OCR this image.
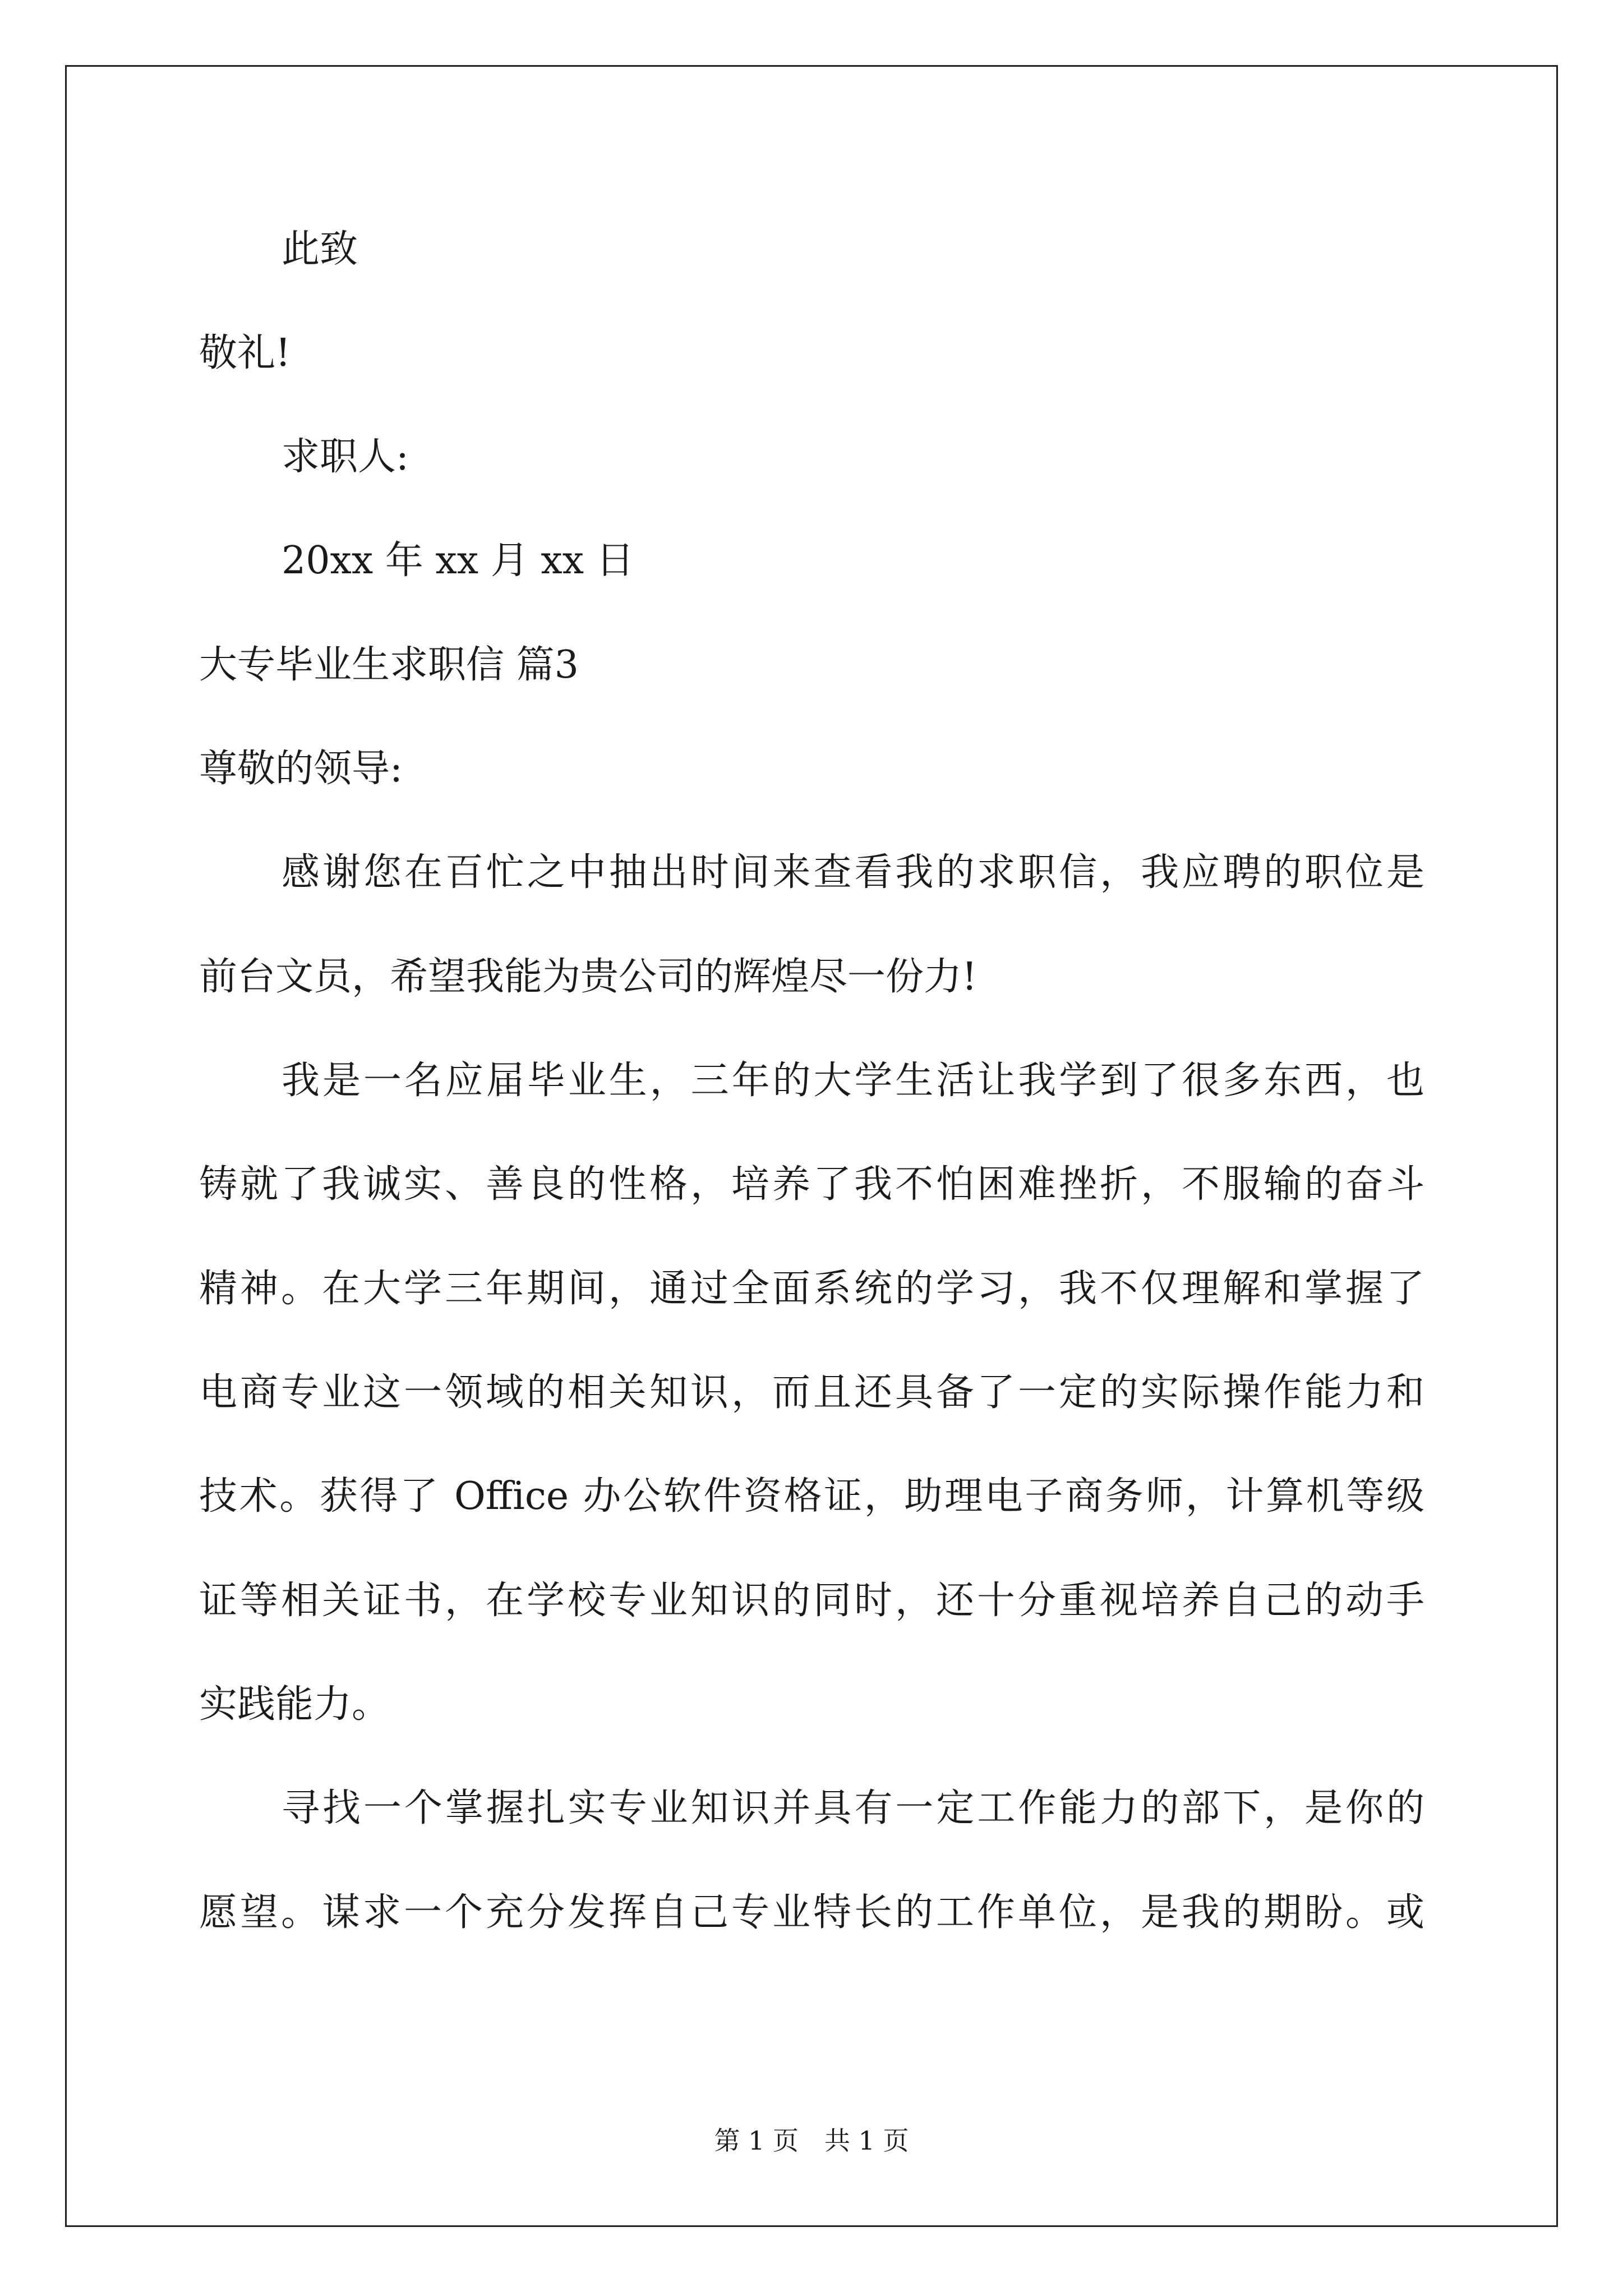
此致
敬礼!
求职人:
20xx 年 xx 月 xx 日
大专毕业生求职信 篇3
尊敬的领导:
感谢您在百忙之中抽出时间来查看我的求职信，我应聘的职位是
前台文员，希望我能为贵公司的辉煌尽一份力!
我是一名应届毕业生，三年的大学生活让我学到了很多东西，也
铸就了我诚实、善良的性格，培养了我不怕困难挫折，不服输的奋斗
精神。在大学三年期间，通过全面系统的学习，我不仅理解和掌握了
电商专业这一领域的相关知识，而且还具备了一定的实际操作能力和
技术。获得了 Office 办公软件资格证，助理电子商务师，计算机等级
证等相关证书，在学校专业知识的同时，还十分重视培养自己的动手
实践能力。
寻找一个掌握扎实专业知识并具有一定工作能力的部下，是你的
愿望。谋求一个充分发挥自己专业特长的工作单位，是我的期盼。或
第 1 页　共 1 页
